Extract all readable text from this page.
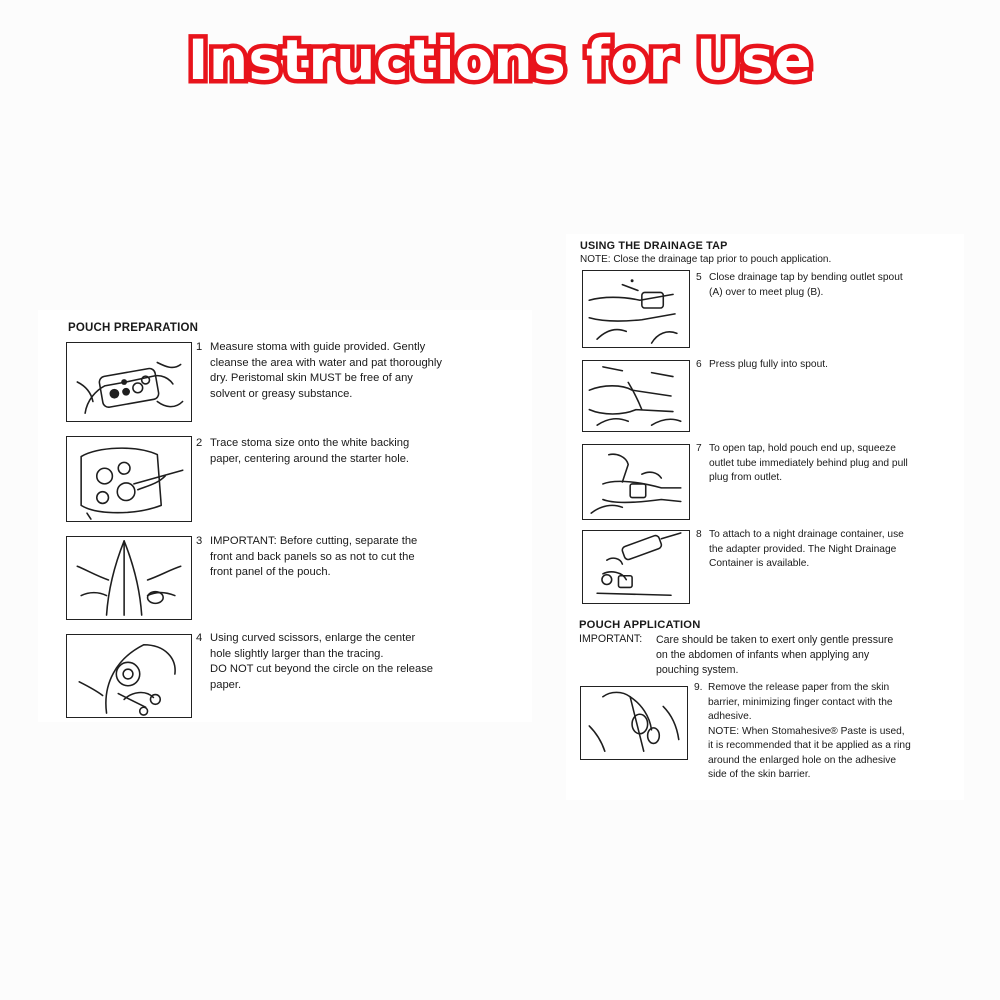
Instructions for Use
POUCH PREPARATION
1 Measure stoma with guide provided. Gently
cleanse the area with water and pat thoroughly
dry. Peristomal skin MUST be free of any
solvent or greasy substance.
2 Trace stoma size onto the white backing
paper, centering around the starter hole.
3 IMPORTANT: Before cutting, separate the
front and back panels so as not to cut the
front panel of the pouch.
4 Using curved scissors, enlarge the center
hole slightly larger than the tracing.
DO NOT cut beyond the circle on the release
paper.
USING THE DRAINAGE TAP
NOTE: Close the drainage tap prior to pouch application.
5 Close drainage tap by bending outlet spout
(A) over to meet plug (B).
6 Press plug fully into spout.
7 To open tap, hold pouch end up, squeeze
outlet tube immediately behind plug and pull
plug from outlet.
8 To attach to a night drainage container, use
the adapter provided. The Night Drainage
Container is available.
POUCH APPLICATION
IMPORTANT: Care should be taken to exert only gentle pressure
on the abdomen of infants when applying any
pouching system.
9. Remove the release paper from the skin
barrier, minimizing finger contact with the
adhesive.
NOTE: When Stomahesive® Paste is used,
it is recommended that it be applied as a ring
around the enlarged hole on the adhesive
side of the skin barrier.
